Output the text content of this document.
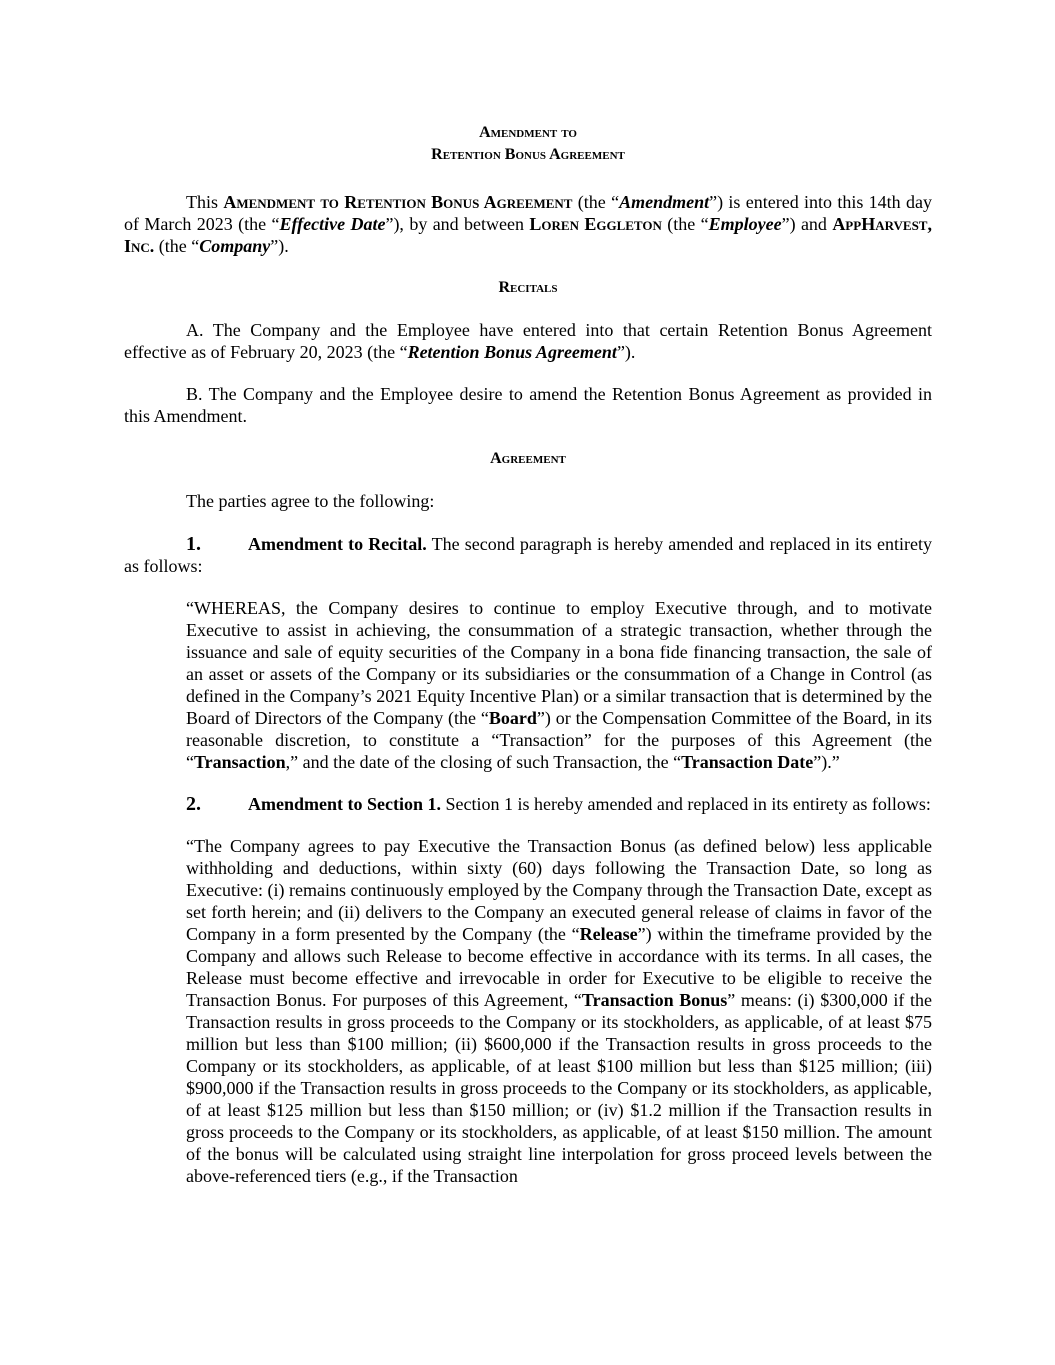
Amendment to
Retention Bonus Agreement

This Amendment to Retention Bonus Agreement (the “Amendment”) is entered into this 14th day of March 2023 (the “Effective Date”), by and between Loren Eggleton (the “Employee”) and AppHarvest, Inc. (the “Company”).

Recitals

A. The Company and the Employee have entered into that certain Retention Bonus Agreement effective as of February 20, 2023 (the “Retention Bonus Agreement”).

B. The Company and the Employee desire to amend the Retention Bonus Agreement as provided in this Amendment.

Agreement

The parties agree to the following:

1.	Amendment to Recital. The second paragraph is hereby amended and replaced in its entirety as follows:

“WHEREAS, the Company desires to continue to employ Executive through, and to motivate Executive to assist in achieving, the consummation of a strategic transaction, whether through the issuance and sale of equity securities of the Company in a bona fide financing transaction, the sale of an asset or assets of the Company or its subsidiaries or the consummation of a Change in Control (as defined in the Company’s 2021 Equity Incentive Plan) or a similar transaction that is determined by the Board of Directors of the Company (the “Board”) or the Compensation Committee of the Board, in its reasonable discretion, to constitute a “Transaction” for the purposes of this Agreement (the “Transaction,” and the date of the closing of such Transaction, the “Transaction Date”).”

2.	Amendment to Section 1. Section 1 is hereby amended and replaced in its entirety as follows:

“The Company agrees to pay Executive the Transaction Bonus (as defined below) less applicable withholding and deductions, within sixty (60) days following the Transaction Date, so long as Executive: (i) remains continuously employed by the Company through the Transaction Date, except as set forth herein; and (ii) delivers to the Company an executed general release of claims in favor of the Company in a form presented by the Company (the “Release”) within the timeframe provided by the Company and allows such Release to become effective in accordance with its terms. In all cases, the Release must become effective and irrevocable in order for Executive to be eligible to receive the Transaction Bonus. For purposes of this Agreement, “Transaction Bonus” means: (i) $300,000 if the Transaction results in gross proceeds to the Company or its stockholders, as applicable, of at least $75 million but less than $100 million; (ii) $600,000 if the Transaction results in gross proceeds to the Company or its stockholders, as applicable, of at least $100 million but less than $125 million; (iii) $900,000 if the Transaction results in gross proceeds to the Company or its stockholders, as applicable, of at least $125 million but less than $150 million; or (iv) $1.2 million if the Transaction results in gross proceeds to the Company or its stockholders, as applicable, of at least $150 million. The amount of the bonus will be calculated using straight line interpolation for gross proceed levels between the above-referenced tiers (e.g., if the Transaction
